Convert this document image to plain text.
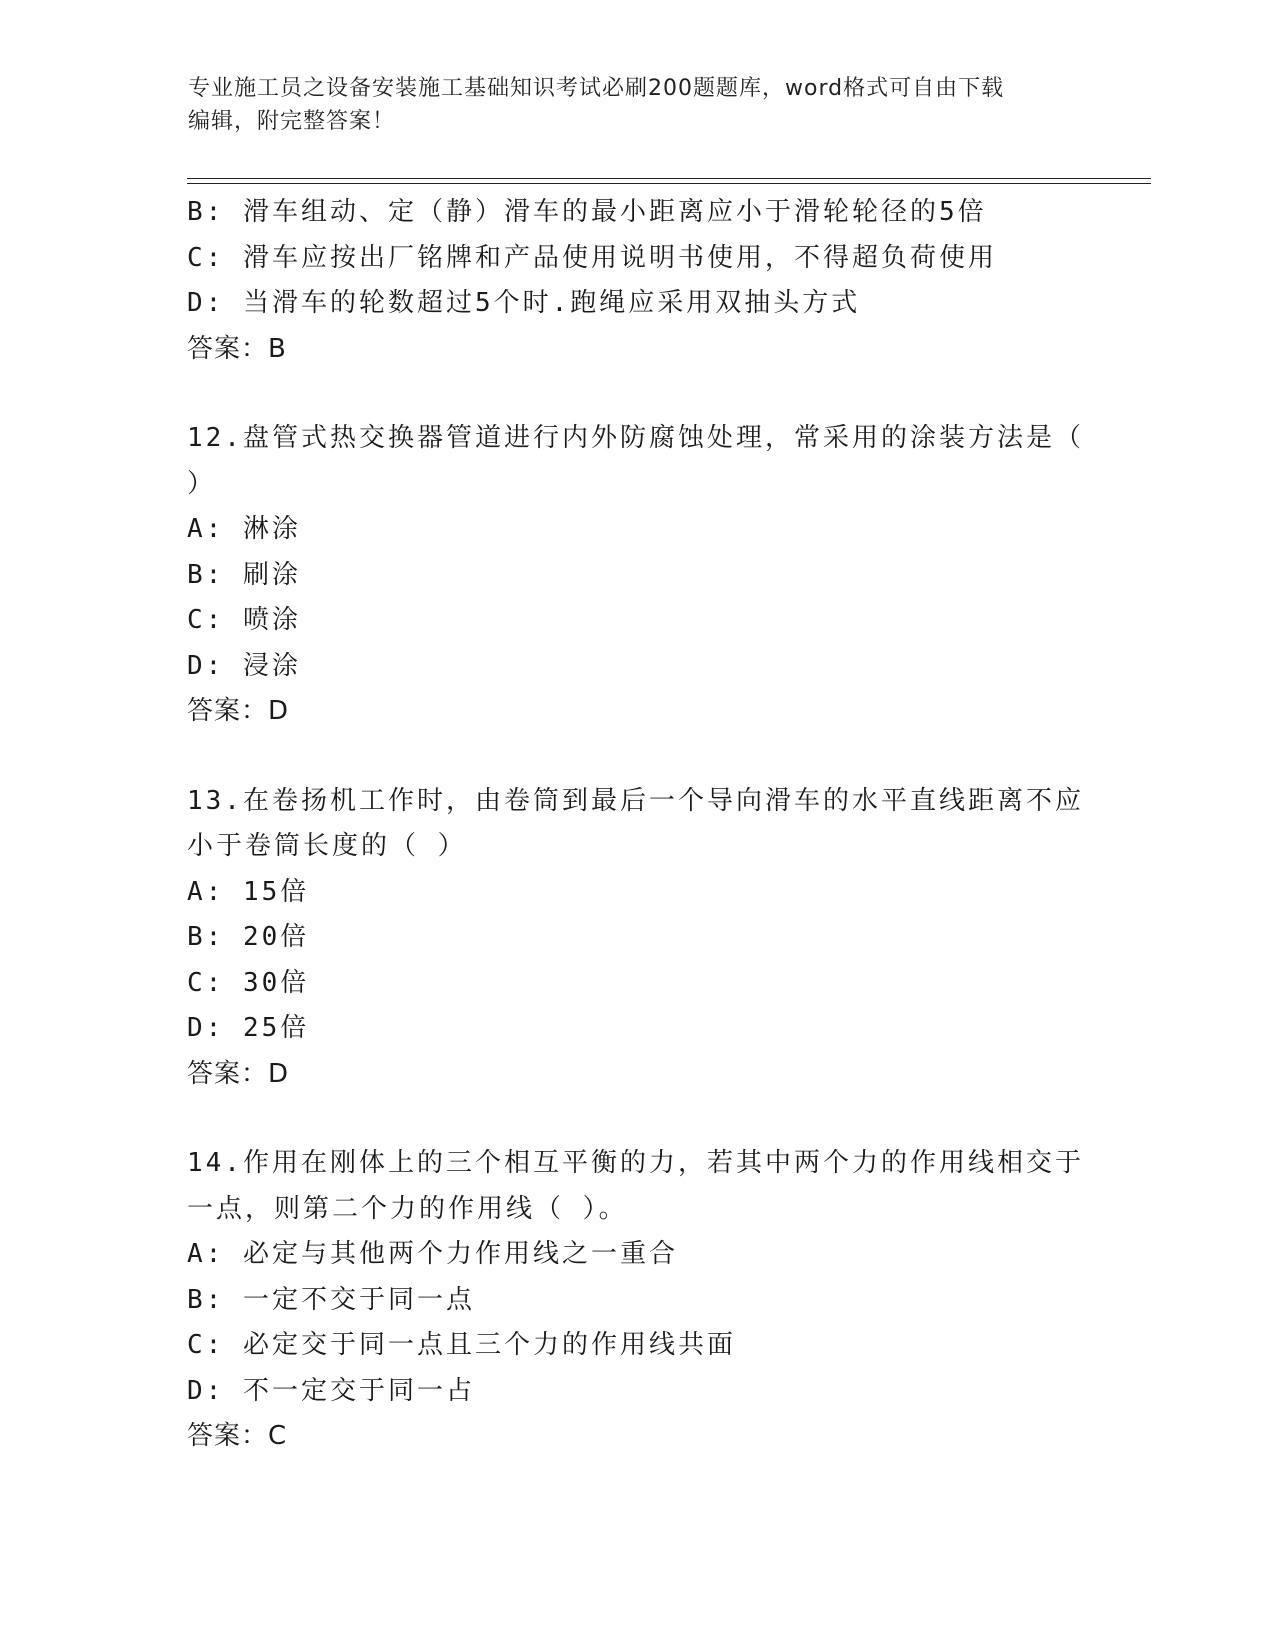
专业施工员之设备安装施工基础知识考试必刷200题题库，word格式可自由下载
编辑，附完整答案！
B: 滑车组动、定（静）滑车的最小距离应小于滑轮轮径的5倍
C: 滑车应按出厂铭牌和产品使用说明书使用，不得超负荷使用
D: 当滑车的轮数超过5个时.跑绳应采用双抽头方式
答案：B
12.盘管式热交换器管道进行内外防腐蚀处理，常采用的涂装方法是（
）
A: 淋涂
B: 刷涂
C: 喷涂
D: 浸涂
答案：D
13.在卷扬机工作时，由卷筒到最后一个导向滑车的水平直线距离不应
小于卷筒长度的（ ）
A: 15倍
B: 20倍
C: 30倍
D: 25倍
答案：D
14.作用在刚体上的三个相互平衡的力，若其中两个力的作用线相交于
一点，则第二个力的作用线（ ）。
A: 必定与其他两个力作用线之一重合
B: 一定不交于同一点
C: 必定交于同一点且三个力的作用线共面
D: 不一定交于同一占
答案：C
